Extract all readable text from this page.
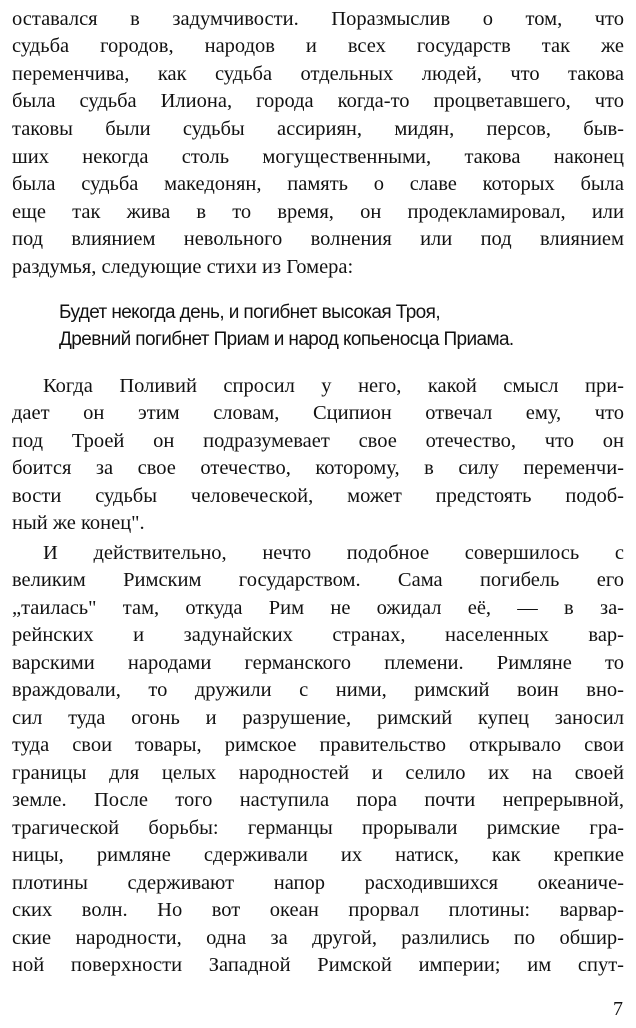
оставался в задумчивости. Поразмыслив о том, что
судьба городов, народов и всех государств так же
переменчива, как судьба отдельных людей, что такова
была судьба Илиона, города когда-то процветавшего, что
таковы были судьбы ассириян, мидян, персов, быв-
ших некогда столь могущественными, такова наконец
была судьба македонян, память о славе которых была
еще так жива в то время, он продекламировал, или
под влиянием невольного волнения или под влиянием
раздумья, следующие стихи из Гомера:
Будет некогда день, и погибнет высокая Троя,
Древний погибнет Приам и народ копьеносца Приама.
Когда Поливий спросил у него, какой смысл при-
дает он этим словам, Сципион отвечал ему, что
под Троей он подразумевает свое отечество, что он
боится за свое отечество, которому, в силу переменчи-
вости судьбы человеческой, может предстоять подоб-
ный же конец".
И действительно, нечто подобное совершилось с
великим Римским государством. Сама погибель его
„таилась" там, откуда Рим не ожидал её, — в за-
рейнских и задунайских странах, населенных вар-
варскими народами германского племени. Римляне то
враждовали, то дружили с ними, римский воин вно-
сил туда огонь и разрушение, римский купец заносил
туда свои товары, римское правительство открывало свои
границы для целых народностей и селило их на своей
земле. После того наступила пора почти непрерывной,
трагической борьбы: германцы прорывали римские гра-
ницы, римляне сдерживали их натиск, как крепкие
плотины сдерживают напор расходившихся океаниче-
ских волн. Но вот океан прорвал плотины: варвар-
ские народности, одна за другой, разлились по обшир-
ной поверхности Западной Римской империи; им спут-
7
